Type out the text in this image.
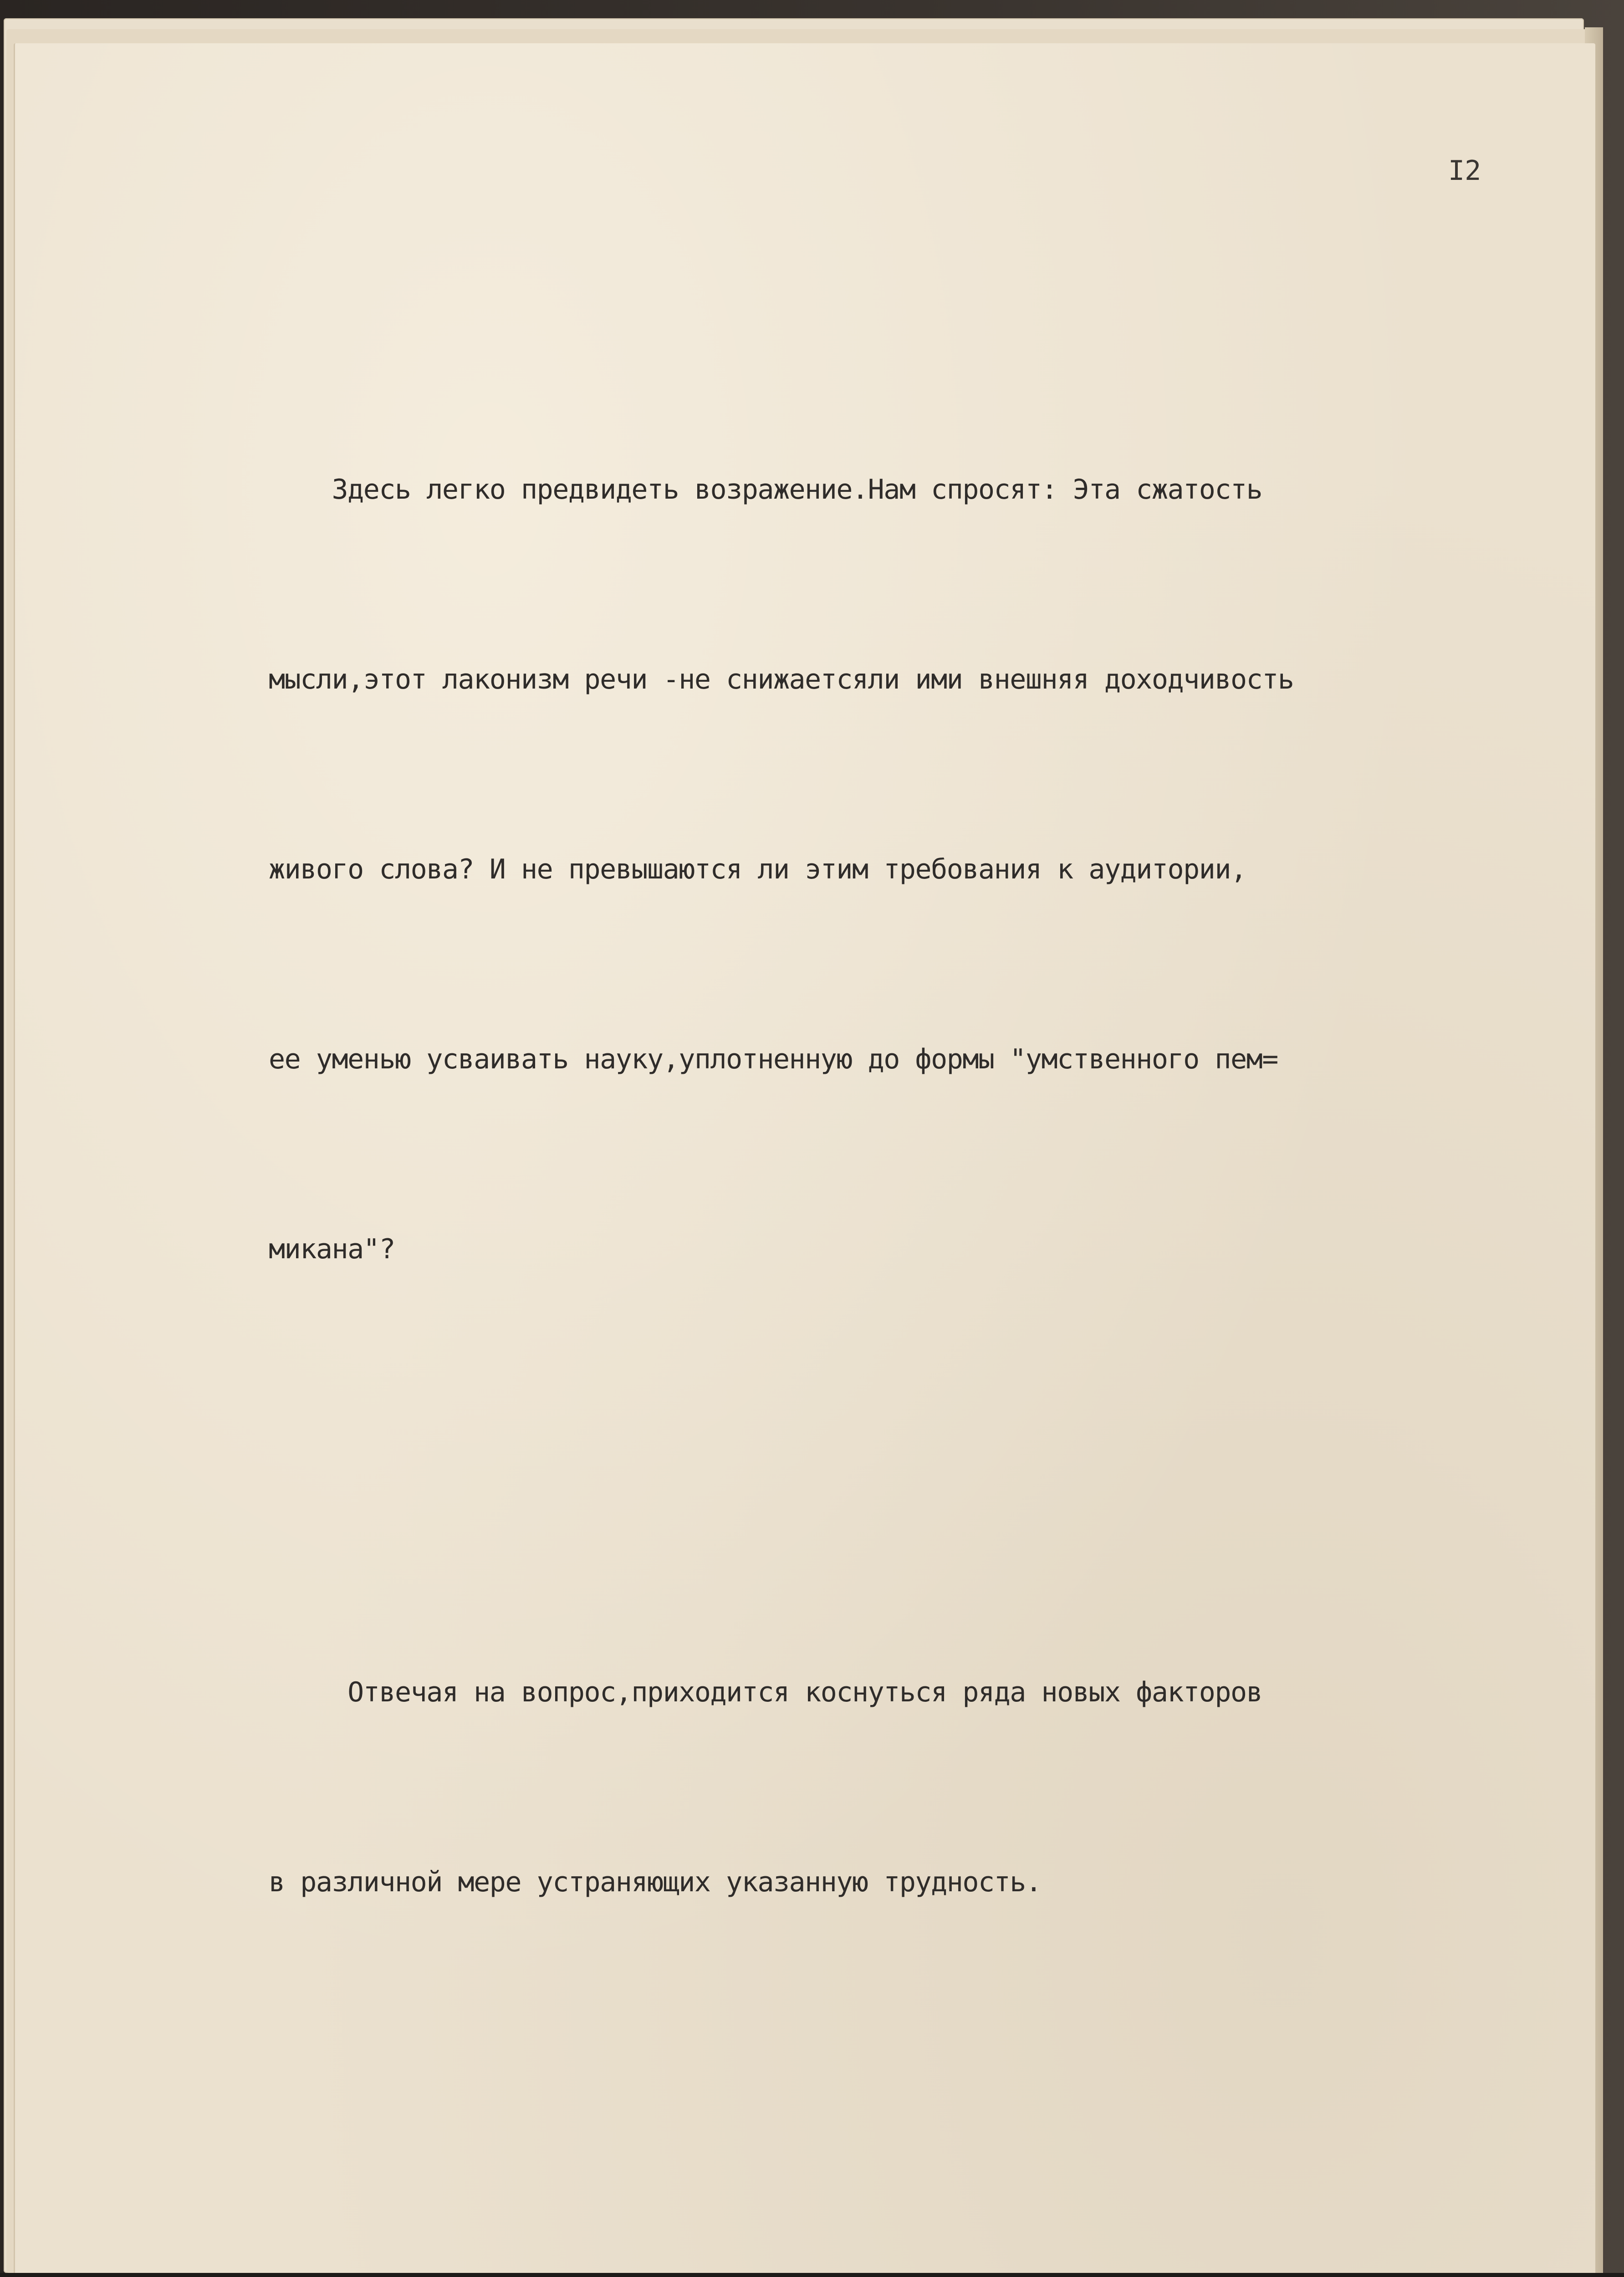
I2

Здесь легко предвидеть возражение.Нам спросят: Эта сжатость

мысли,этот лаконизм речи -не снижаетсяли ими внешняя доходчивость

живого слова? И не превышаются ли этим требования к аудитории,

ее уменью усваивать науку,уплотненную до формы "умственного пем=

микана"?

Отвечая на вопрос,приходится коснуться ряда новых факторов

в различной мере устраняющих указанную трудность.
